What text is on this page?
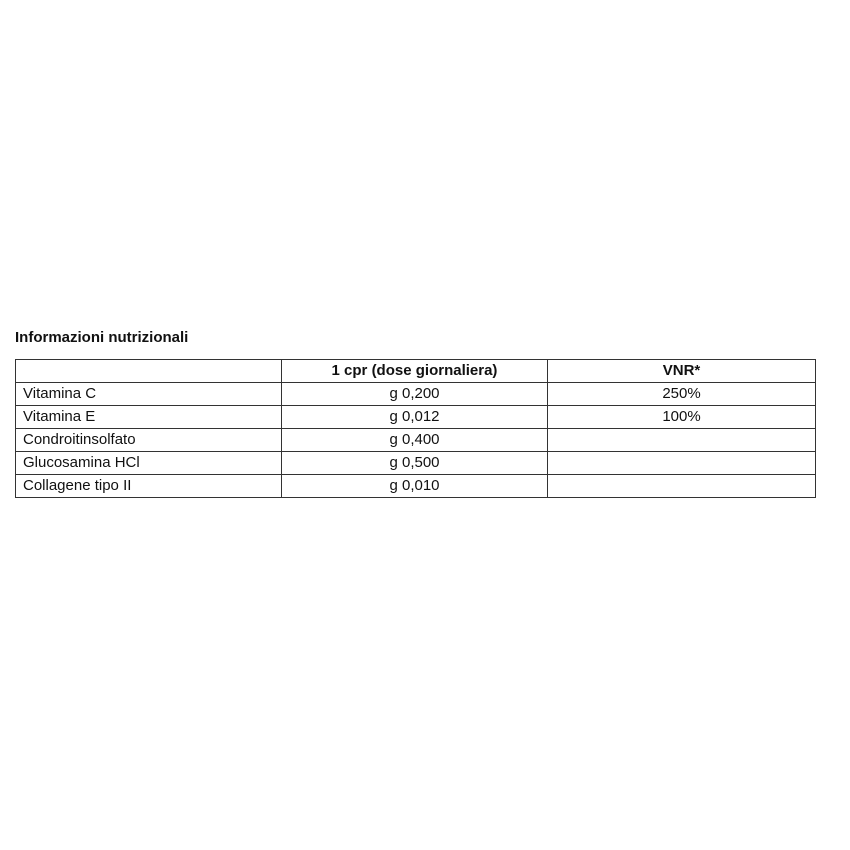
Informazioni nutrizionali
	1 cpr (dose giornaliera)	VNR*
Vitamina C	g 0,200	250%
Vitamina E	g 0,012	100%
Condroitinsolfato	g 0,400	
Glucosamina HCl	g 0,500	
Collagene tipo II	g 0,010	
